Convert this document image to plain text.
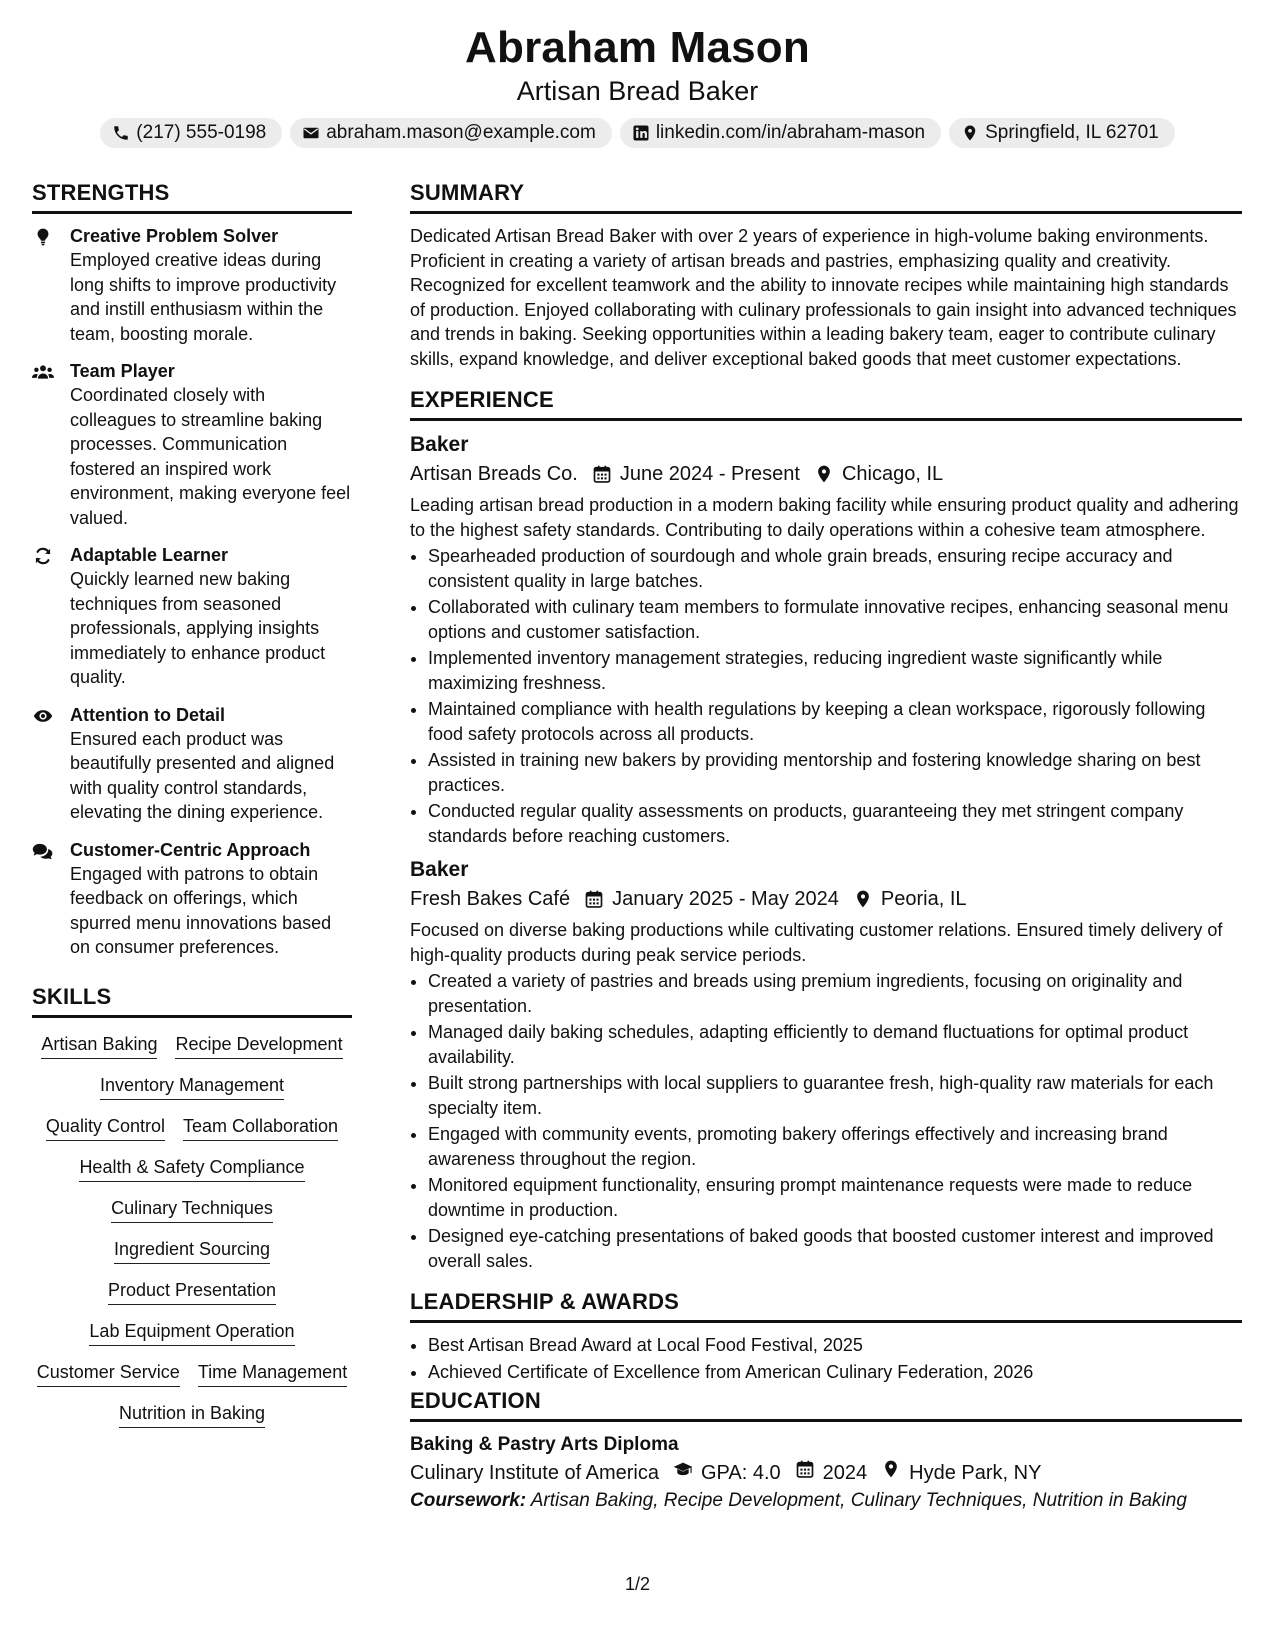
Abraham Mason
Artisan Bread Baker
(217) 555-0198	abraham.mason@example.com	linkedin.com/in/abraham-mason	Springfield, IL 62701
STRENGTHS
Creative Problem Solver
Employed creative ideas during long shifts to improve productivity and instill enthusiasm within the team, boosting morale.
Team Player
Coordinated closely with colleagues to streamline baking processes. Communication fostered an inspired work environment, making everyone feel valued.
Adaptable Learner
Quickly learned new baking techniques from seasoned professionals, applying insights immediately to enhance product quality.
Attention to Detail
Ensured each product was beautifully presented and aligned with quality control standards, elevating the dining experience.
Customer-Centric Approach
Engaged with patrons to obtain feedback on offerings, which spurred menu innovations based on consumer preferences.
SKILLS
Artisan Baking Recipe Development
Inventory Management
Quality Control Team Collaboration
Health & Safety Compliance
Culinary Techniques
Ingredient Sourcing
Product Presentation
Lab Equipment Operation
Customer Service Time Management
Nutrition in Baking
SUMMARY
Dedicated Artisan Bread Baker with over 2 years of experience in high-volume baking environments. Proficient in creating a variety of artisan breads and pastries, emphasizing quality and creativity. Recognized for excellent teamwork and the ability to innovate recipes while maintaining high standards of production. Enjoyed collaborating with culinary professionals to gain insight into advanced techniques and trends in baking. Seeking opportunities within a leading bakery team, eager to contribute culinary skills, expand knowledge, and deliver exceptional baked goods that meet customer expectations.
EXPERIENCE
Baker
Artisan Breads Co. June 2024 - Present Chicago, IL
Leading artisan bread production in a modern baking facility while ensuring product quality and adhering to the highest safety standards. Contributing to daily operations within a cohesive team atmosphere.
• Spearheaded production of sourdough and whole grain breads, ensuring recipe accuracy and consistent quality in large batches.
• Collaborated with culinary team members to formulate innovative recipes, enhancing seasonal menu options and customer satisfaction.
• Implemented inventory management strategies, reducing ingredient waste significantly while maximizing freshness.
• Maintained compliance with health regulations by keeping a clean workspace, rigorously following food safety protocols across all products.
• Assisted in training new bakers by providing mentorship and fostering knowledge sharing on best practices.
• Conducted regular quality assessments on products, guaranteeing they met stringent company standards before reaching customers.
Baker
Fresh Bakes Café January 2025 - May 2024 Peoria, IL
Focused on diverse baking productions while cultivating customer relations. Ensured timely delivery of high-quality products during peak service periods.
• Created a variety of pastries and breads using premium ingredients, focusing on originality and presentation.
• Managed daily baking schedules, adapting efficiently to demand fluctuations for optimal product availability.
• Built strong partnerships with local suppliers to guarantee fresh, high-quality raw materials for each specialty item.
• Engaged with community events, promoting bakery offerings effectively and increasing brand awareness throughout the region.
• Monitored equipment functionality, ensuring prompt maintenance requests were made to reduce downtime in production.
• Designed eye-catching presentations of baked goods that boosted customer interest and improved overall sales.
LEADERSHIP & AWARDS
• Best Artisan Bread Award at Local Food Festival, 2025
• Achieved Certificate of Excellence from American Culinary Federation, 2026
EDUCATION
Baking & Pastry Arts Diploma
Culinary Institute of America GPA: 4.0 2024 Hyde Park, NY
Coursework: Artisan Baking, Recipe Development, Culinary Techniques, Nutrition in Baking
1/2
